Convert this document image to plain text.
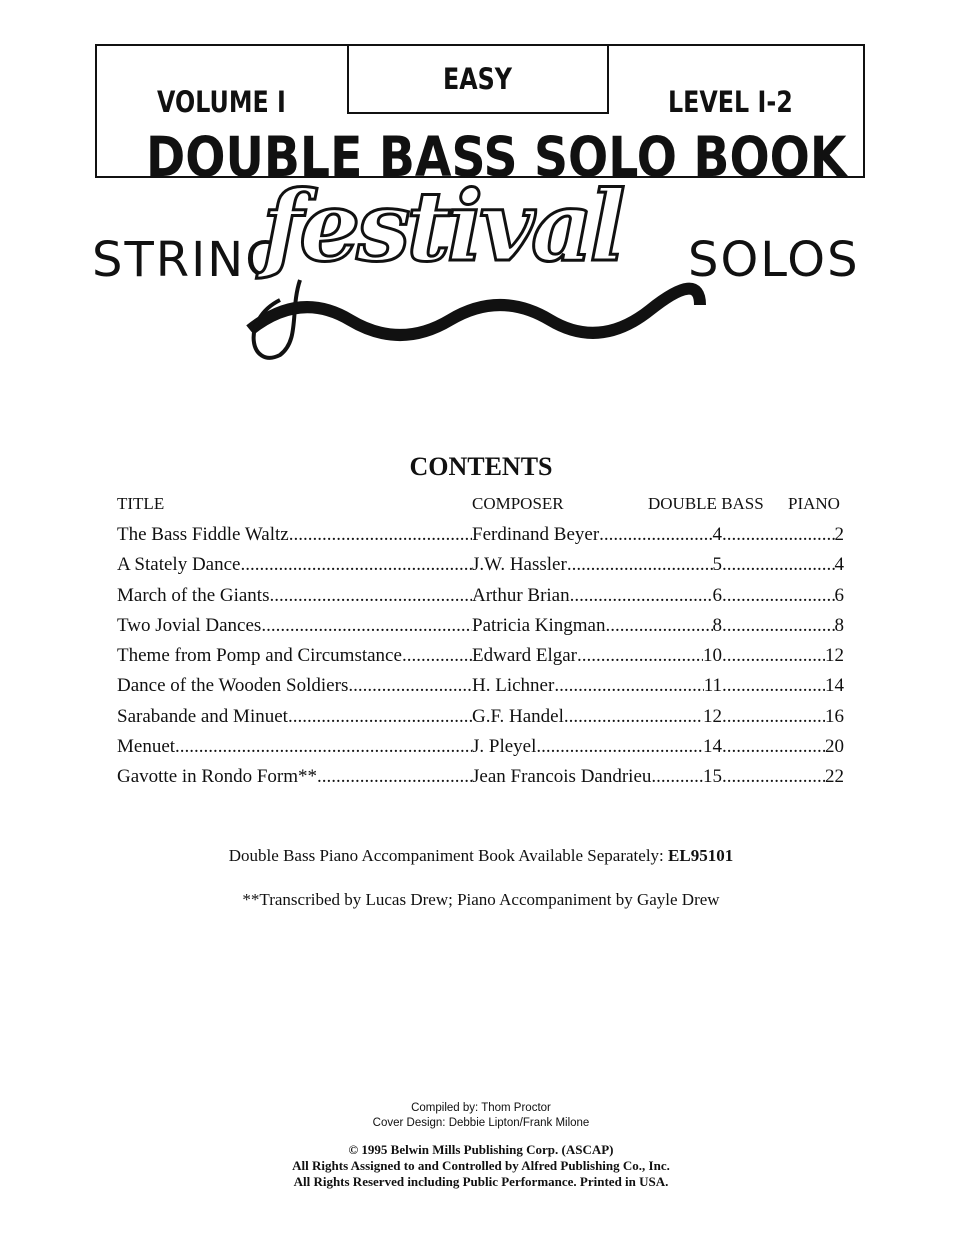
EASY
VOLUME I	LEVEL I-2
DOUBLE BASS SOLO BOOK
STRING
festival SOLOS
CONTENTS
TITLE	COMPOSER	DOUBLE BASS PIANO
The Bass Fiddle Waltz .....	Ferdinand Beyer .....	4 .....	2
A Stately Dance .....	J.W. Hassler .....	5 .....	4
March of the Giants .....	Arthur Brian .....	6 .....	6
Two Jovial Dances .....	Patricia Kingman .....	8 .....	8
Theme from Pomp and Circumstance .....	Edward Elgar .....	10 .....	12
Dance of the Wooden Soldiers .....	H. Lichner .....	11 .....	14
Sarabande and Minuet .....	G.F. Handel .....	12 .....	16
Menuet .....	J. Pleyel .....	14 .....	20
Gavotte in Rondo Form** .....	Jean Francois Dandrieu .....	15 .....	22
Double Bass Piano Accompaniment Book Available Separately: EL95101
**Transcribed by Lucas Drew; Piano Accompaniment by Gayle Drew
Compiled by: Thom Proctor
Cover Design: Debbie Lipton/Frank Milone
© 1995 Belwin Mills Publishing Corp. (ASCAP)
All Rights Assigned to and Controlled by Alfred Publishing Co., Inc.
All Rights Reserved including Public Performance. Printed in USA.
